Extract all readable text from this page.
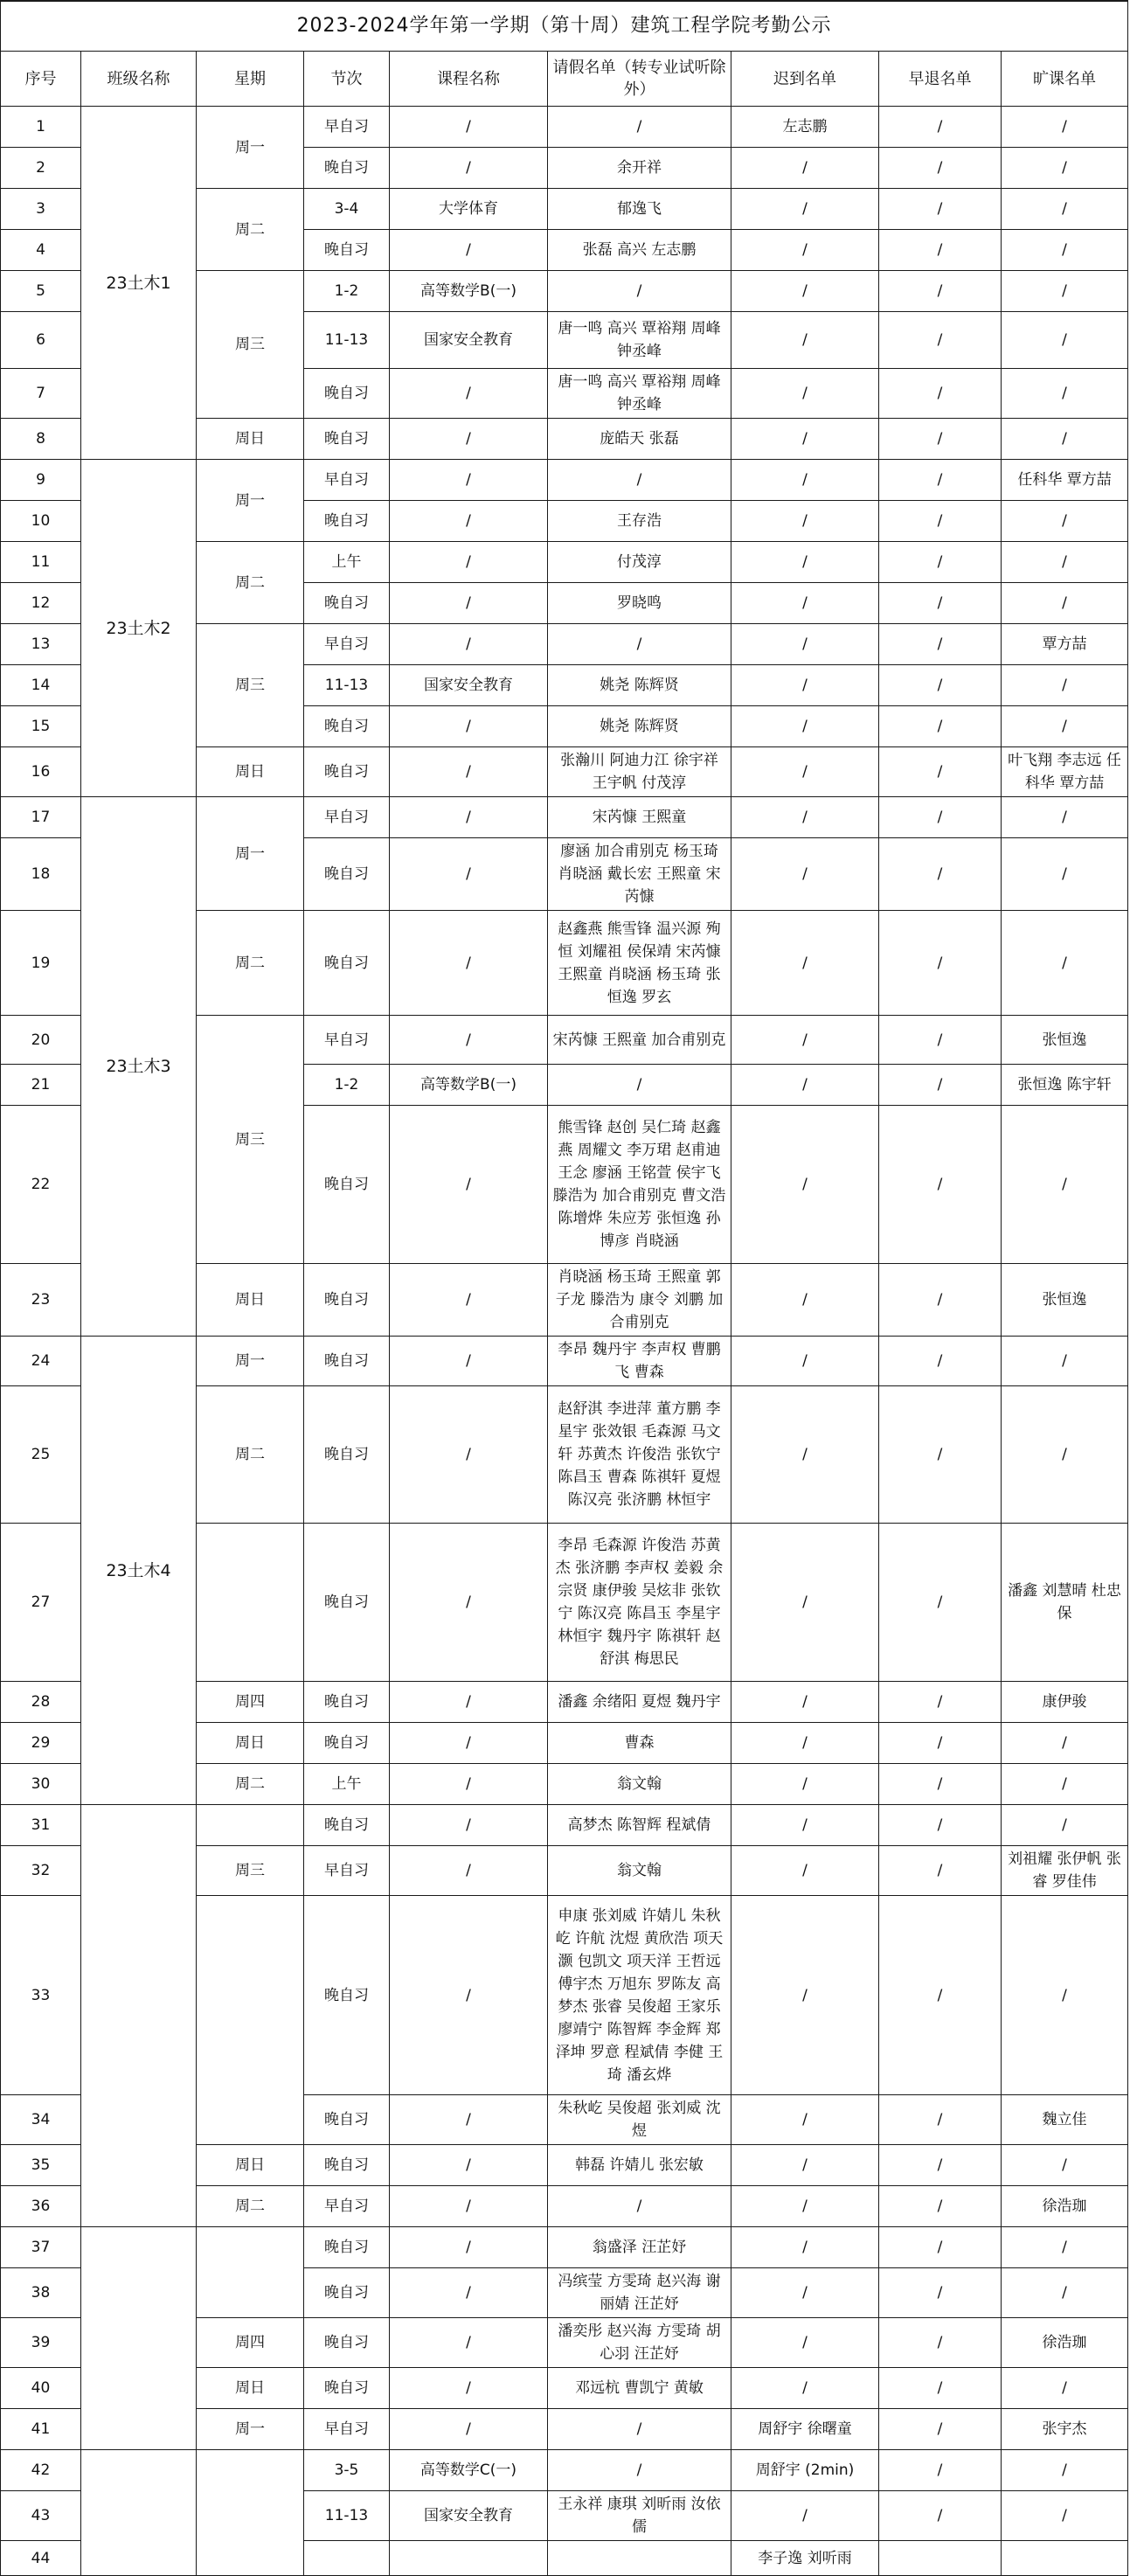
2023-2024学年第一学期（第十周）建筑工程学院考勤公示								
序号	班级名称	星期	节次	课程名称	请假名单（转专业试听除外）	迟到名单	早退名单	旷课名单
1	23土木1	周一	早自习	/	/	左志鹏	/	/
2			晚自习	/	余开祥	/	/	/
3		周二	3-4	大学体育	郁逸飞	/	/	/
4			晚自习	/	张磊 高兴 左志鹏	/	/	/
5		周三	1-2	高等数学B(一)	/	/	/	/
6			11-13	国家安全教育	唐一鸣 高兴 覃裕翔 周峰 钟丞峰	/	/	/
7			晚自习	/	唐一鸣 高兴 覃裕翔 周峰 钟丞峰	/	/	/
8		周日	晚自习	/	庞皓天 张磊	/	/	/
9	23土木2	周一	早自习	/	/	/	/	任科华 覃方喆
10			晚自习	/	王存浩	/	/	/
11		周二	上午	/	付茂淳	/	/	/
12			晚自习	/	罗晓鸣	/	/	/
13		周三	早自习	/	/	/	/	覃方喆
14			11-13	国家安全教育	姚尧 陈辉贤	/	/	/
15			晚自习	/	姚尧 陈辉贤	/	/	/
16		周日	晚自习	/	张瀚川 阿迪力江 徐宇祥 王宇帆 付茂淳	/	/	叶飞翔 李志远 任科华 覃方喆
17	23土木3	周一	早自习	/	宋芮慷 王熙童	/	/	/
18			晚自习	/	廖涵 加合甫别克 杨玉琦 肖晓涵 戴长宏 王熙童 宋芮慷	/	/	/
19		周二	晚自习	/	赵鑫燕 熊雪锋 温兴源 殉恒 刘耀祖 侯保靖 宋芮慷 王熙童 肖晓涵 杨玉琦 张恒逸 罗玄	/	/	/
20		周三	早自习	/	宋芮慷 王熙童 加合甫别克	/	/	张恒逸
21			1-2	高等数学B(一)	/	/	/	张恒逸 陈宇轩
22			晚自习	/	熊雪锋 赵创 吴仁琦 赵鑫燕 周耀文 李万珺 赵甫迪 王念 廖涵 王铭萱 侯宇飞 滕浩为 加合甫别克 曹文浩 陈增烨 朱应芳 张恒逸 孙博彦 肖晓涵	/	/	/
23		周日	晚自习	/	肖晓涵 杨玉琦 王熙童 郭子龙 滕浩为 康令 刘鹏 加合甫别克	/	/	张恒逸
24	23土木4	周一	晚自习	/	李昂 魏丹宇 李声权 曹鹏飞 曹森	/	/	/
25		周二	晚自习	/	赵舒淇 李进萍 董方鹏 李星宇 张效银 毛森源 马文轩 苏黄杰 许俊浩 张钦宁 陈昌玉 曹森 陈祺轩 夏煜 陈汉亮 张济鹏 林恒宇	/	/	/
27			晚自习	/	李昂 毛森源 许俊浩 苏黄杰 张济鹏 李声权 姜毅 余宗贤 康伊骏 吴炫非 张钦宁 陈汉亮 陈昌玉 李星宇 林恒宇 魏丹宇 陈祺轩 赵舒淇 梅思民	/	/	潘鑫 刘慧晴 杜忠保
28		周四	晚自习	/	潘鑫 余绪阳 夏煜 魏丹宇	/	/	康伊骏
29		周日	晚自习	/	曹森	/	/	/
30		周二	上午	/	翁文翰	/	/	/
31			晚自习	/	高梦杰 陈智辉 程斌倩	/	/	/
32		周三	早自习	/	翁文翰	/	/	刘祖耀 张伊帆 张睿 罗佳伟
33			晚自习	/	申康 张刘威 许婧儿 朱秋屹 许航 沈煜 黄欣浩 项天灏 包凯文 项天洋 王哲远 傅宇杰 万旭东 罗陈友 高梦杰 张睿 吴俊超 王家乐 廖靖宁 陈智辉 李金辉 郑泽坤 罗意 程斌倩 李健 王琦 潘玄烨	/	/	/
34			晚自习	/	朱秋屹 吴俊超 张刘威 沈煜	/	/	魏立佳
35		周日	晚自习	/	韩磊 许婧儿 张宏敏	/	/	/
36		周二	早自习	/	/	/	/	徐浩珈
37			晚自习	/	翁盛泽 汪芷妤	/	/	/
38			晚自习	/	冯缤莹 方雯琦 赵兴海 谢丽婧 汪芷妤	/	/	/
39		周四	晚自习	/	潘奕彤 赵兴海 方雯琦 胡心羽 汪芷妤	/	/	徐浩珈
40		周日	晚自习	/	邓远杭 曹凯宁 黄敏	/	/	/
41		周一	早自习	/	/	周舒宇 徐曙童	/	张宇杰
42			3-5	高等数学C(一)	/	周舒宇 (2min)	/	/
43			11-13	国家安全教育	王永祥 康琪 刘昕雨 汝依儒	/	/	/
44						李子逸 刘听雨		
